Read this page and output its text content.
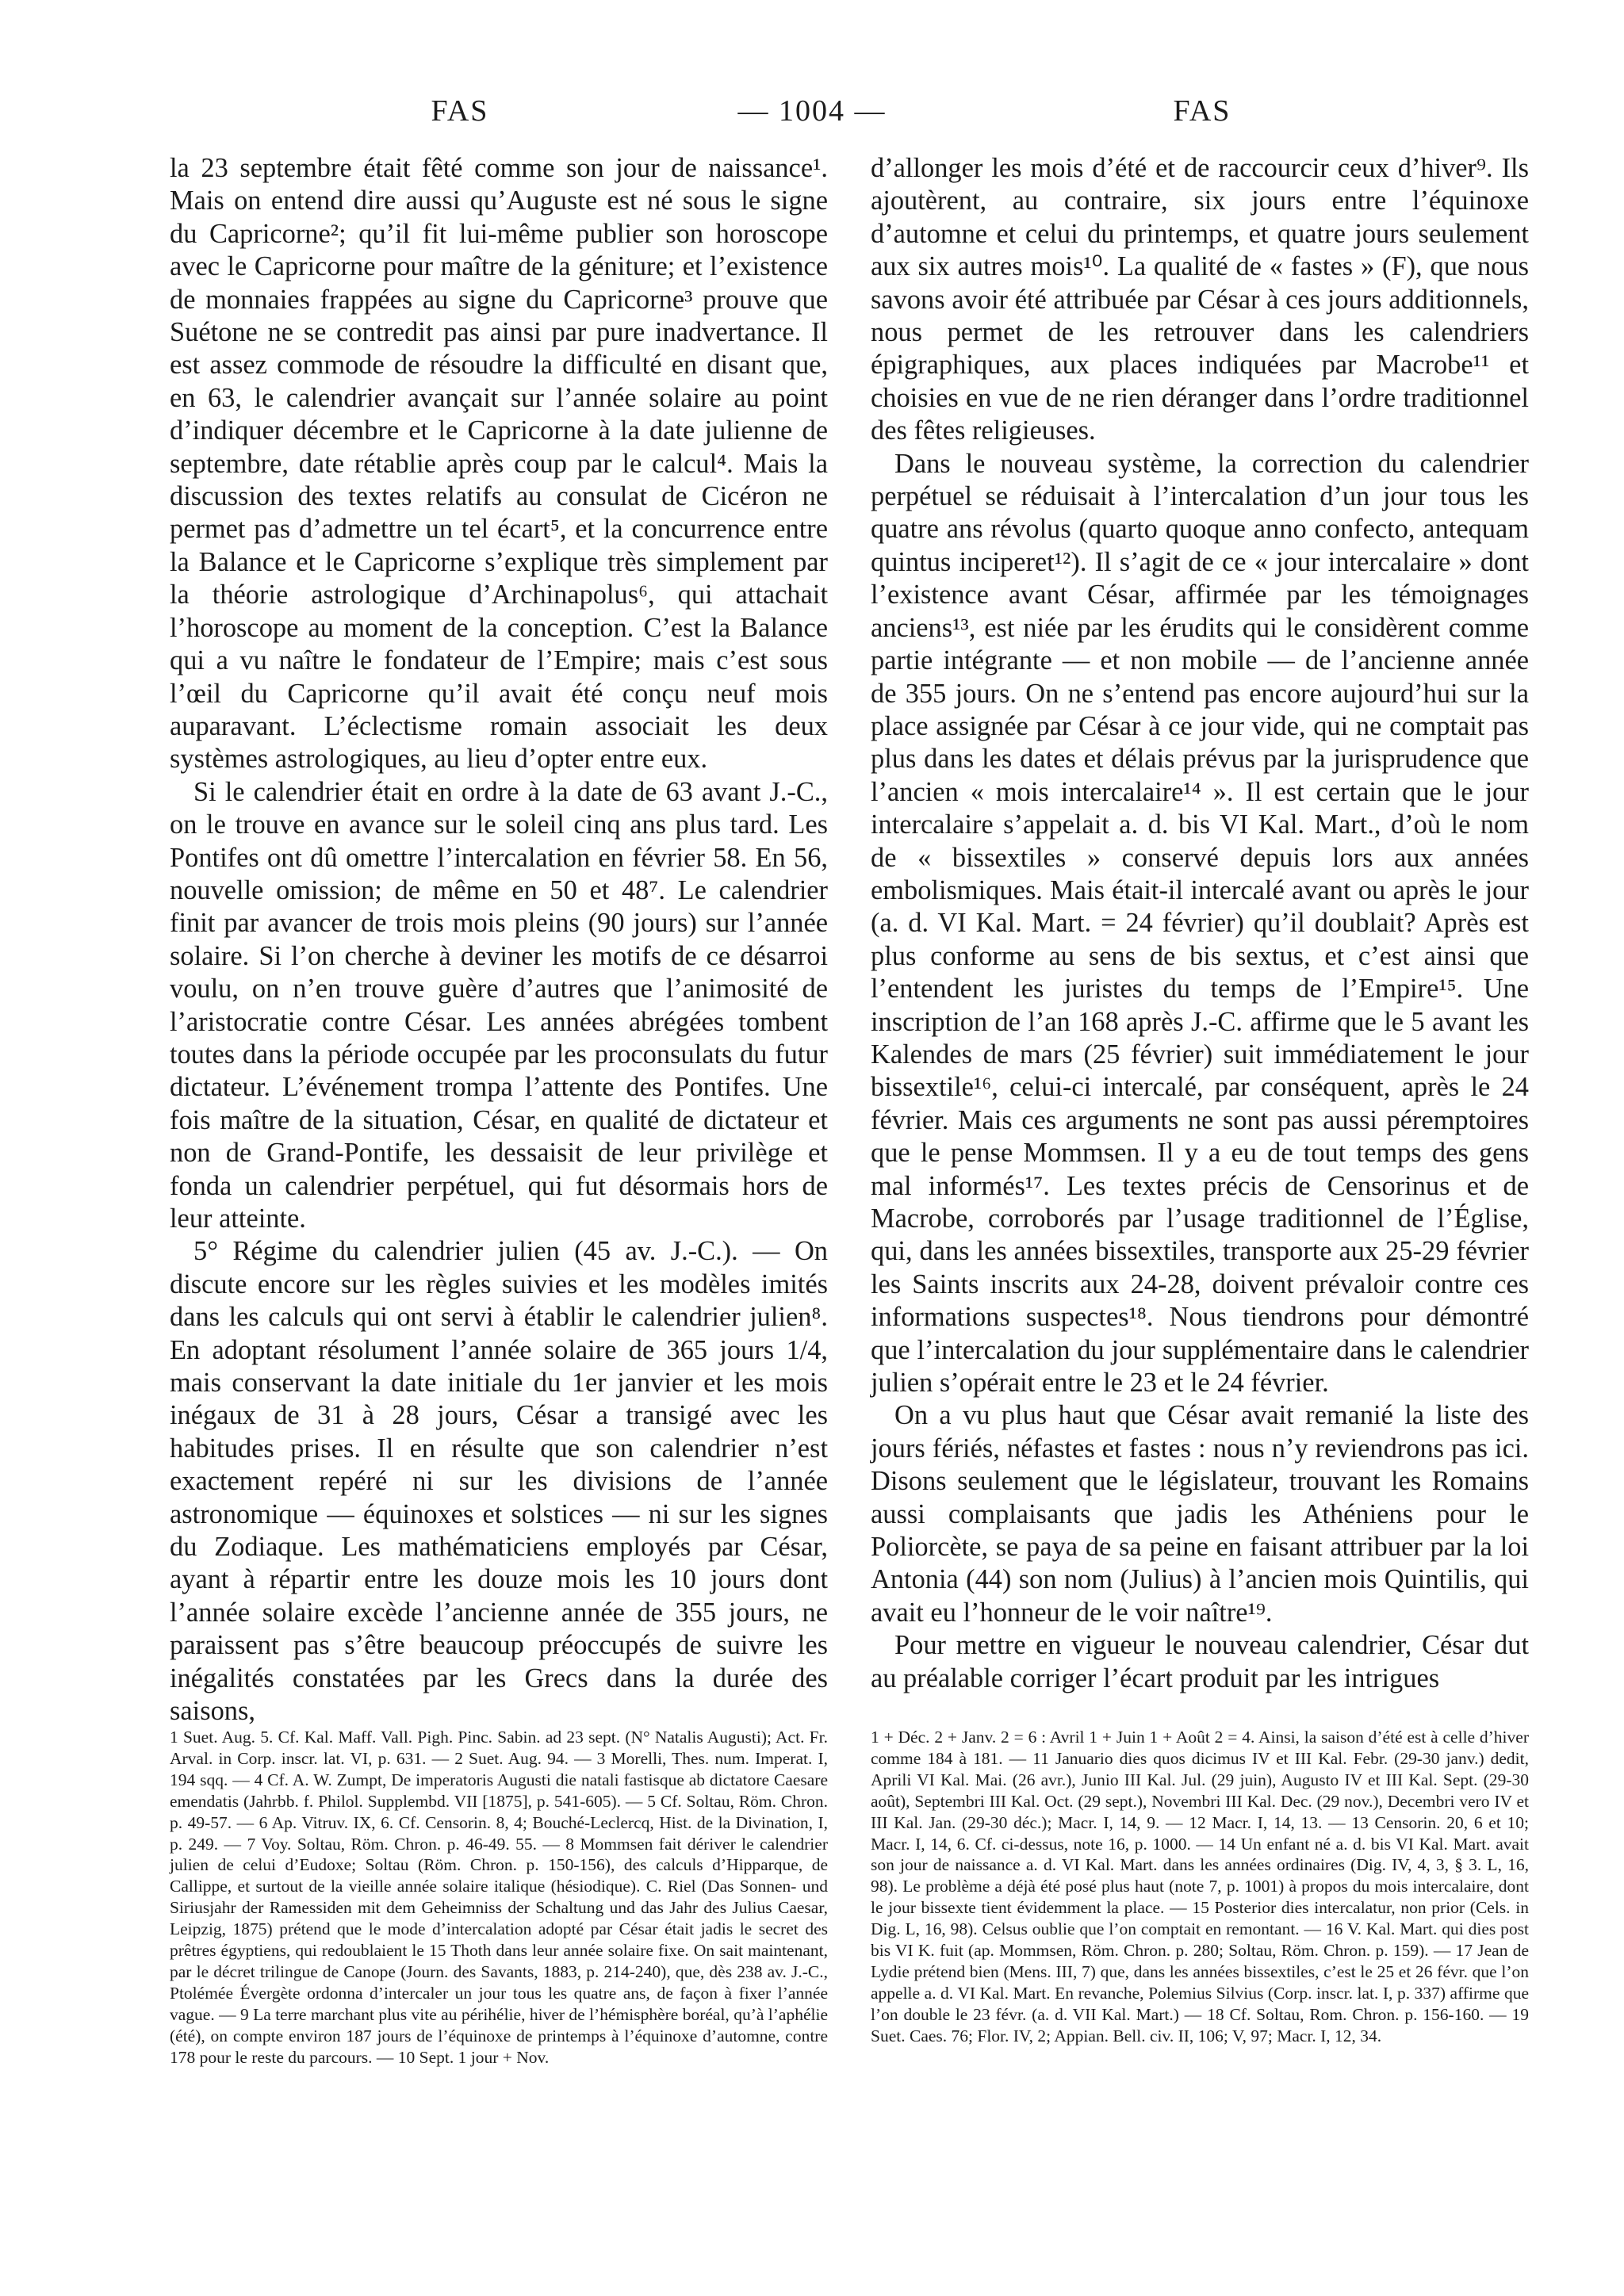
FAS	— 1004 —	FAS

la 23 septembre était fêté comme son jour de naissance¹. Mais on entend dire aussi qu’Auguste est né sous le signe du Capricorne²; qu’il fit lui-même publier son horoscope avec le Capricorne pour maître de la géniture; et l’existence de monnaies frappées au signe du Capricorne³ prouve que Suétone ne se contredit pas ainsi par pure inadvertance. Il est assez commode de résoudre la difficulté en disant que, en 63, le calendrier avançait sur l’année solaire au point d’indiquer décembre et le Capricorne à la date julienne de septembre, date rétablie après coup par le calcul⁴. Mais la discussion des textes relatifs au consulat de Cicéron ne permet pas d’admettre un tel écart⁵, et la concurrence entre la Balance et le Capricorne s’explique très simplement par la théorie astrologique d’Archinapolus⁶, qui attachait l’horoscope au moment de la conception. C’est la Balance qui a vu naître le fondateur de l’Empire; mais c’est sous l’œil du Capricorne qu’il avait été conçu neuf mois auparavant. L’éclectisme romain associait les deux systèmes astrologiques, au lieu d’opter entre eux.

Si le calendrier était en ordre à la date de 63 avant J.-C., on le trouve en avance sur le soleil cinq ans plus tard. Les Pontifes ont dû omettre l’intercalation en février 58. En 56, nouvelle omission; de même en 50 et 48⁷. Le calendrier finit par avancer de trois mois pleins (90 jours) sur l’année solaire. Si l’on cherche à deviner les motifs de ce désarroi voulu, on n’en trouve guère d’autres que l’animosité de l’aristocratie contre César. Les années abrégées tombent toutes dans la période occupée par les proconsulats du futur dictateur. L’événement trompa l’attente des Pontifes. Une fois maître de la situation, César, en qualité de dictateur et non de Grand-Pontife, les dessaisit de leur privilège et fonda un calendrier perpétuel, qui fut désormais hors de leur atteinte.

5° Régime du calendrier julien (45 av. J.-C.). — On discute encore sur les règles suivies et les modèles imités dans les calculs qui ont servi à établir le calendrier julien⁸. En adoptant résolument l’année solaire de 365 jours 1/4, mais conservant la date initiale du 1er janvier et les mois inégaux de 31 à 28 jours, César a transigé avec les habitudes prises. Il en résulte que son calendrier n’est exactement repéré ni sur les divisions de l’année astronomique — équinoxes et solstices — ni sur les signes du Zodiaque. Les mathématiciens employés par César, ayant à répartir entre les douze mois les 10 jours dont l’année solaire excède l’ancienne année de 355 jours, ne paraissent pas s’être beaucoup préoccupés de suivre les inégalités constatées par les Grecs dans la durée des saisons,

d’allonger les mois d’été et de raccourcir ceux d’hiver⁹. Ils ajoutèrent, au contraire, six jours entre l’équinoxe d’automne et celui du printemps, et quatre jours seulement aux six autres mois¹⁰. La qualité de « fastes » (F), que nous savons avoir été attribuée par César à ces jours additionnels, nous permet de les retrouver dans les calendriers épigraphiques, aux places indiquées par Macrobe¹¹ et choisies en vue de ne rien déranger dans l’ordre traditionnel des fêtes religieuses.

Dans le nouveau système, la correction du calendrier perpétuel se réduisait à l’intercalation d’un jour tous les quatre ans révolus (quarto quoque anno confecto, antequam quintus inciperet¹²). Il s’agit de ce « jour intercalaire » dont l’existence avant César, affirmée par les témoignages anciens¹³, est niée par les érudits qui le considèrent comme partie intégrante — et non mobile — de l’ancienne année de 355 jours. On ne s’entend pas encore aujourd’hui sur la place assignée par César à ce jour vide, qui ne comptait pas plus dans les dates et délais prévus par la jurisprudence que l’ancien « mois intercalaire¹⁴ ». Il est certain que le jour intercalaire s’appelait a. d. bis VI Kal. Mart., d’où le nom de « bissextiles » conservé depuis lors aux années embolismiques. Mais était-il intercalé avant ou après le jour (a. d. VI Kal. Mart. = 24 février) qu’il doublait? Après est plus conforme au sens de bis sextus, et c’est ainsi que l’entendent les juristes du temps de l’Empire¹⁵. Une inscription de l’an 168 après J.-C. affirme que le 5 avant les Kalendes de mars (25 février) suit immédiatement le jour bissextile¹⁶, celui-ci intercalé, par conséquent, après le 24 février. Mais ces arguments ne sont pas aussi péremptoires que le pense Mommsen. Il y a eu de tout temps des gens mal informés¹⁷. Les textes précis de Censorinus et de Macrobe, corroborés par l’usage traditionnel de l’Église, qui, dans les années bissextiles, transporte aux 25-29 février les Saints inscrits aux 24-28, doivent prévaloir contre ces informations suspectes¹⁸. Nous tiendrons pour démontré que l’intercalation du jour supplémentaire dans le calendrier julien s’opérait entre le 23 et le 24 février.

On a vu plus haut que César avait remanié la liste des jours fériés, néfastes et fastes : nous n’y reviendrons pas ici. Disons seulement que le législateur, trouvant les Romains aussi complaisants que jadis les Athéniens pour le Poliorcète, se paya de sa peine en faisant attribuer par la loi Antonia (44) son nom (Julius) à l’ancien mois Quintilis, qui avait eu l’honneur de le voir naître¹⁹.

Pour mettre en vigueur le nouveau calendrier, César dut au préalable corriger l’écart produit par les intrigues

1 Suet. Aug. 5. Cf. Kal. Maff. Vall. Pigh. Pinc. Sabin. ad 23 sept. (N° Natalis Augusti); Act. Fr. Arval. in Corp. inscr. lat. VI, p. 631. — 2 Suet. Aug. 94. — 3 Morelli, Thes. num. Imperat. I, 194 sqq. — 4 Cf. A. W. Zumpt, De imperatoris Augusti die natali fastisque ab dictatore Caesare emendatis (Jahrbb. f. Philol. Supplembd. VII [1875], p. 541-605). — 5 Cf. Soltau, Röm. Chron. p. 49-57. — 6 Ap. Vitruv. IX, 6. Cf. Censorin. 8, 4; Bouché-Leclercq, Hist. de la Divination, I, p. 249. — 7 Voy. Soltau, Röm. Chron. p. 46-49. 55. — 8 Mommsen fait dériver le calendrier julien de celui d’Eudoxe; Soltau (Röm. Chron. p. 150-156), des calculs d’Hipparque, de Callippe, et surtout de la vieille année solaire italique (hésiodique). C. Riel (Das Sonnen- und Siriusjahr der Ramessiden mit dem Geheimniss der Schaltung und das Jahr des Julius Caesar, Leipzig, 1875) prétend que le mode d’intercalation adopté par César était jadis le secret des prêtres égyptiens, qui redoublaient le 15 Thoth dans leur année solaire fixe. On sait maintenant, par le décret trilingue de Canope (Journ. des Savants, 1883, p. 214-240), que, dès 238 av. J.-C., Ptolémée Évergète ordonna d’intercaler un jour tous les quatre ans, de façon à fixer l’année vague. — 9 La terre marchant plus vite au périhélie, hiver de l’hémisphère boréal, qu’à l’aphélie (été), on compte environ 187 jours de l’équinoxe de printemps à l’équinoxe d’automne, contre 178 pour le reste du parcours. — 10 Sept. 1 jour + Nov.
1 + Déc. 2 + Janv. 2 = 6 : Avril 1 + Juin 1 + Août 2 = 4. Ainsi, la saison d’été est à celle d’hiver comme 184 à 181. — 11 Januario dies quos dicimus IV et III Kal. Febr. (29-30 janv.) dedit, Aprili VI Kal. Mai. (26 avr.), Junio III Kal. Jul. (29 juin), Augusto IV et III Kal. Sept. (29-30 août), Septembri III Kal. Oct. (29 sept.), Novembri III Kal. Dec. (29 nov.), Decembri vero IV et III Kal. Jan. (29-30 déc.); Macr. I, 14, 9. — 12 Macr. I, 14, 13. — 13 Censorin. 20, 6 et 10; Macr. I, 14, 6. Cf. ci-dessus, note 16, p. 1000. — 14 Un enfant né a. d. bis VI Kal. Mart. avait son jour de naissance a. d. VI Kal. Mart. dans les années ordinaires (Dig. IV, 4, 3, § 3. L, 16, 98). Le problème a déjà été posé plus haut (note 7, p. 1001) à propos du mois intercalaire, dont le jour bissexte tient évidemment la place. — 15 Posterior dies intercalatur, non prior (Cels. in Dig. L, 16, 98). Celsus oublie que l’on comptait en remontant. — 16 V. Kal. Mart. qui dies post bis VI K. fuit (ap. Mommsen, Röm. Chron. p. 280; Soltau, Röm. Chron. p. 159). — 17 Jean de Lydie prétend bien (Mens. III, 7) que, dans les années bissextiles, c’est le 25 et 26 févr. que l’on appelle a. d. VI Kal. Mart. En revanche, Polemius Silvius (Corp. inscr. lat. I, p. 337) affirme que l’on double le 23 févr. (a. d. VII Kal. Mart.) — 18 Cf. Soltau, Rom. Chron. p. 156-160. — 19 Suet. Caes. 76; Flor. IV, 2; Appian. Bell. civ. II, 106; V, 97; Macr. I, 12, 34.
